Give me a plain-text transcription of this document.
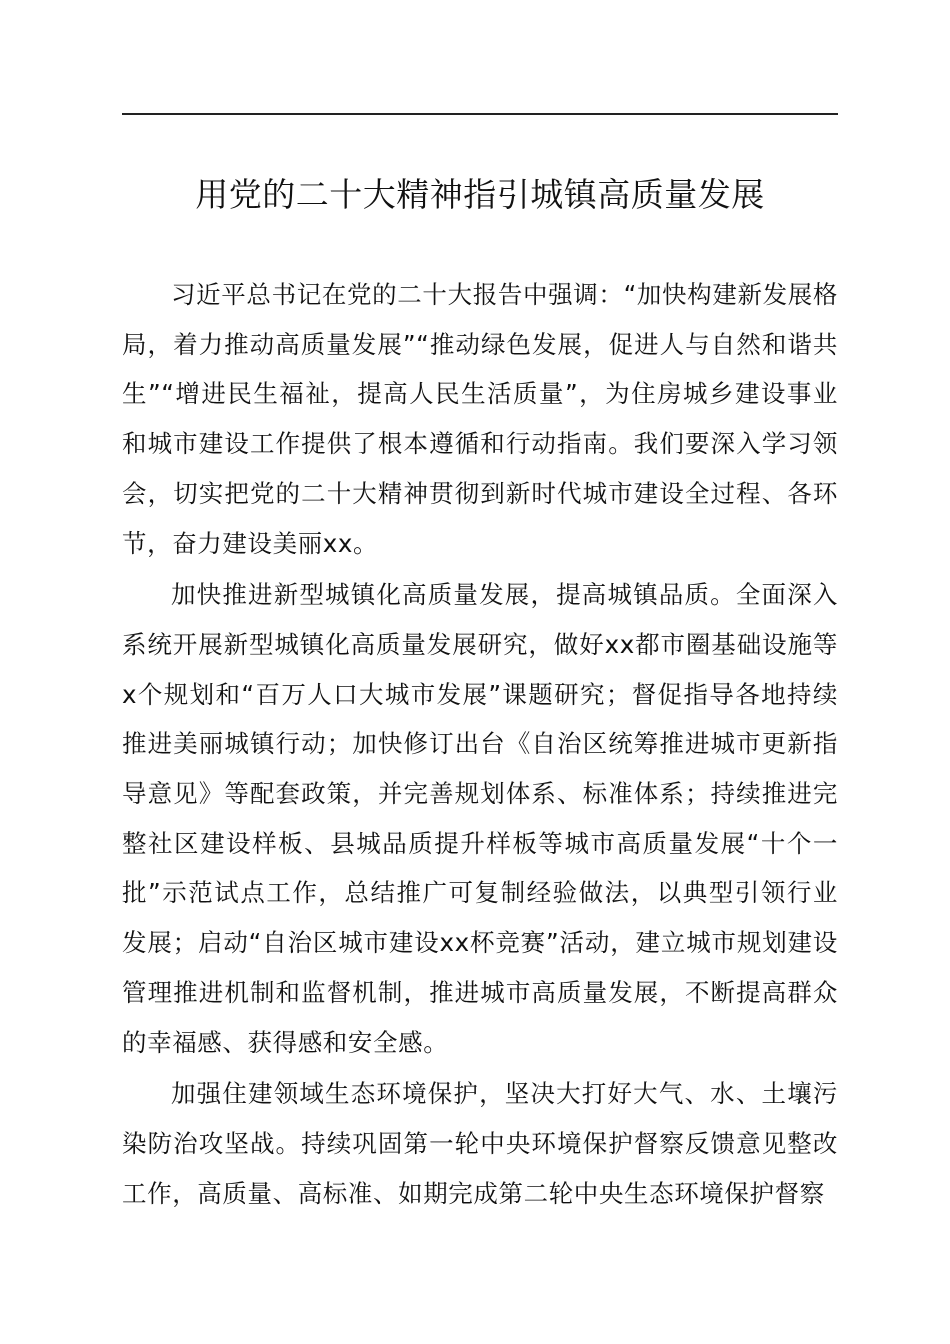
用党的二十大精神指引城镇高质量发展

习近平总书记在党的二十大报告中强调：“加快构建新发展格局，着力推动高质量发展”“推动绿色发展，促进人与自然和谐共生”“增进民生福祉，提高人民生活质量”，为住房城乡建设事业和城市建设工作提供了根本遵循和行动指南。我们要深入学习领会，切实把党的二十大精神贯彻到新时代城市建设全过程、各环节，奋力建设美丽xx。

加快推进新型城镇化高质量发展，提高城镇品质。全面深入系统开展新型城镇化高质量发展研究，做好xx都市圈基础设施等x个规划和“百万人口大城市发展”课题研究；督促指导各地持续推进美丽城镇行动；加快修订出台《自治区统筹推进城市更新指导意见》等配套政策，并完善规划体系、标准体系；持续推进完整社区建设样板、县城品质提升样板等城市高质量发展“十个一批”示范试点工作，总结推广可复制经验做法，以典型引领行业发展；启动“自治区城市建设xx杯竞赛”活动，建立城市规划建设管理推进机制和监督机制，推进城市高质量发展，不断提高群众的幸福感、获得感和安全感。

加强住建领域生态环境保护，坚决大打好大气、水、土壤污染防治攻坚战。持续巩固第一轮中央环境保护督察反馈意见整改工作，高质量、高标准、如期完成第二轮中央生态环境保护督察
